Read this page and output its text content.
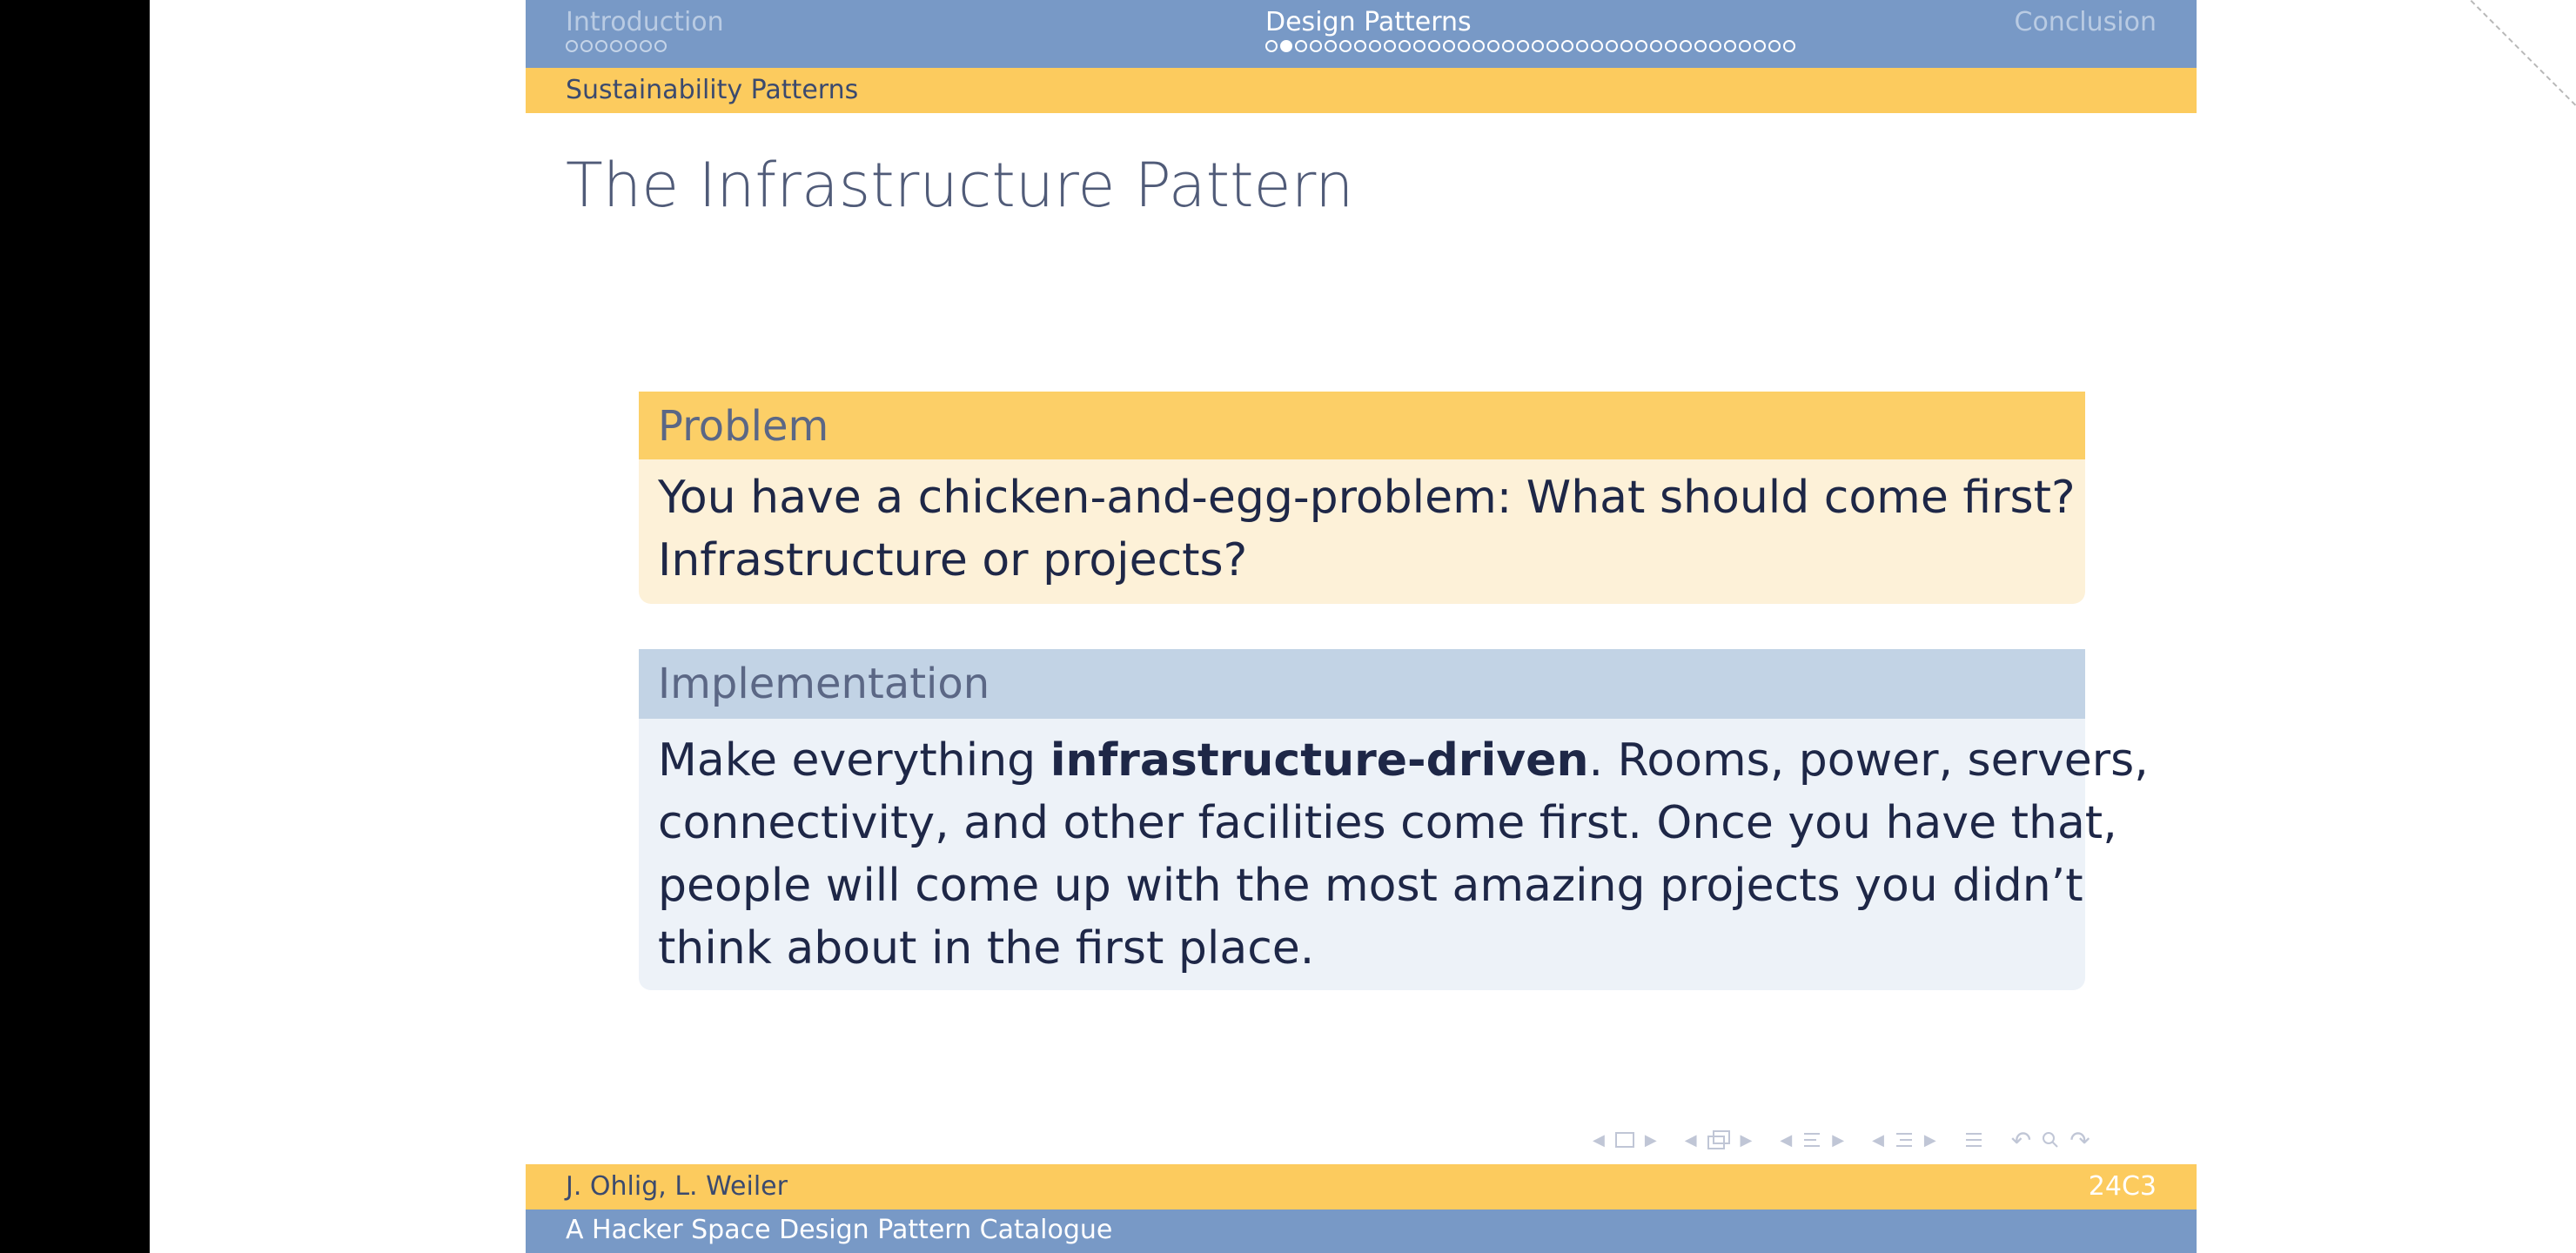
Introduction	Design Patterns	Conclusion
Sustainability Patterns
The Infrastructure Pattern
Problem
You have a chicken-and-egg-problem: What should come first?
Infrastructure or projects?
Implementation
Make everything infrastructure-driven. Rooms, power, servers,
connectivity, and other facilities come first. Once you have that,
people will come up with the most amazing projects you didn’t
think about in the first place.
◀	▶ ◀	▶ ◀	▶ ◀	▶	↶ ↷
J. Ohlig, L. Weiler	24C3
A Hacker Space Design Pattern Catalogue
